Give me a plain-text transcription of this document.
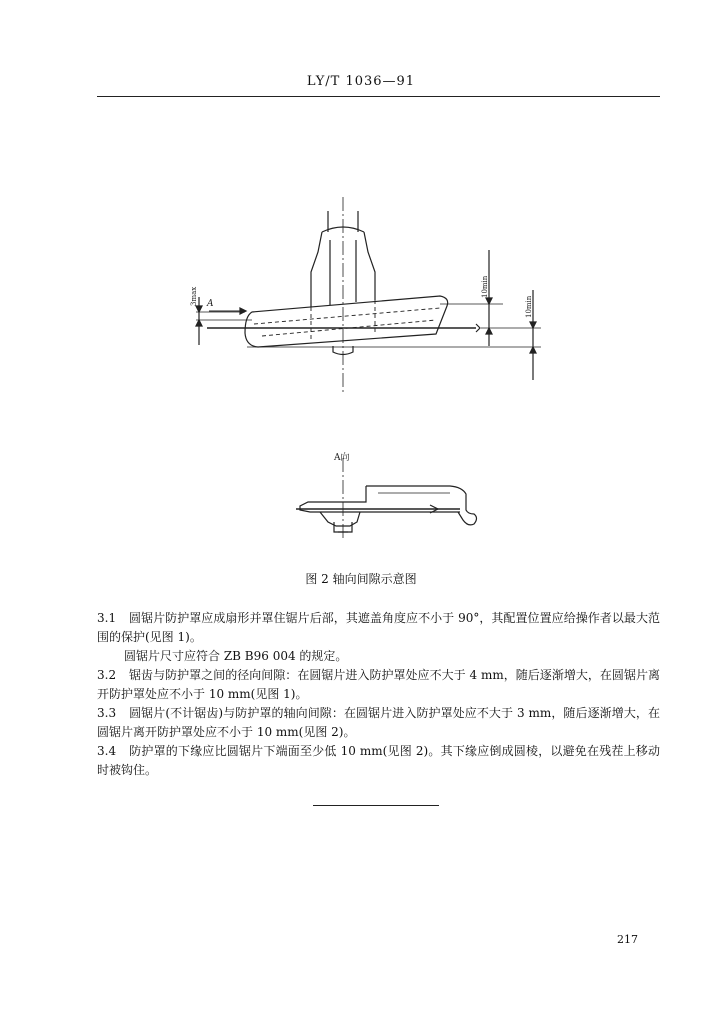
LY/T 1036—91
A
3max	10min
10min
A向
图 2 轴向间隙示意图

3.1 圆锯片防护罩应成扇形并罩住锯片后部，其遮盖角度应不小于 90°，其配置位置应给操作者以最大范围的保护(见图 1)。

圆锯片尺寸应符合 ZB B96 004 的规定。

3.2 锯齿与防护罩之间的径向间隙：在圆锯片进入防护罩处应不大于 4 mm，随后逐渐增大，在圆锯片离开防护罩处应不小于 10 mm(见图 1)。

3.3 圆锯片(不计锯齿)与防护罩的轴向间隙：在圆锯片进入防护罩处应不大于 3 mm，随后逐渐增大，在圆锯片离开防护罩处应不小于 10 mm(见图 2)。

3.4 防护罩的下缘应比圆锯片下端面至少低 10 mm(见图 2)。其下缘应倒成圆棱，以避免在残茬上移动时被钩住。

217
